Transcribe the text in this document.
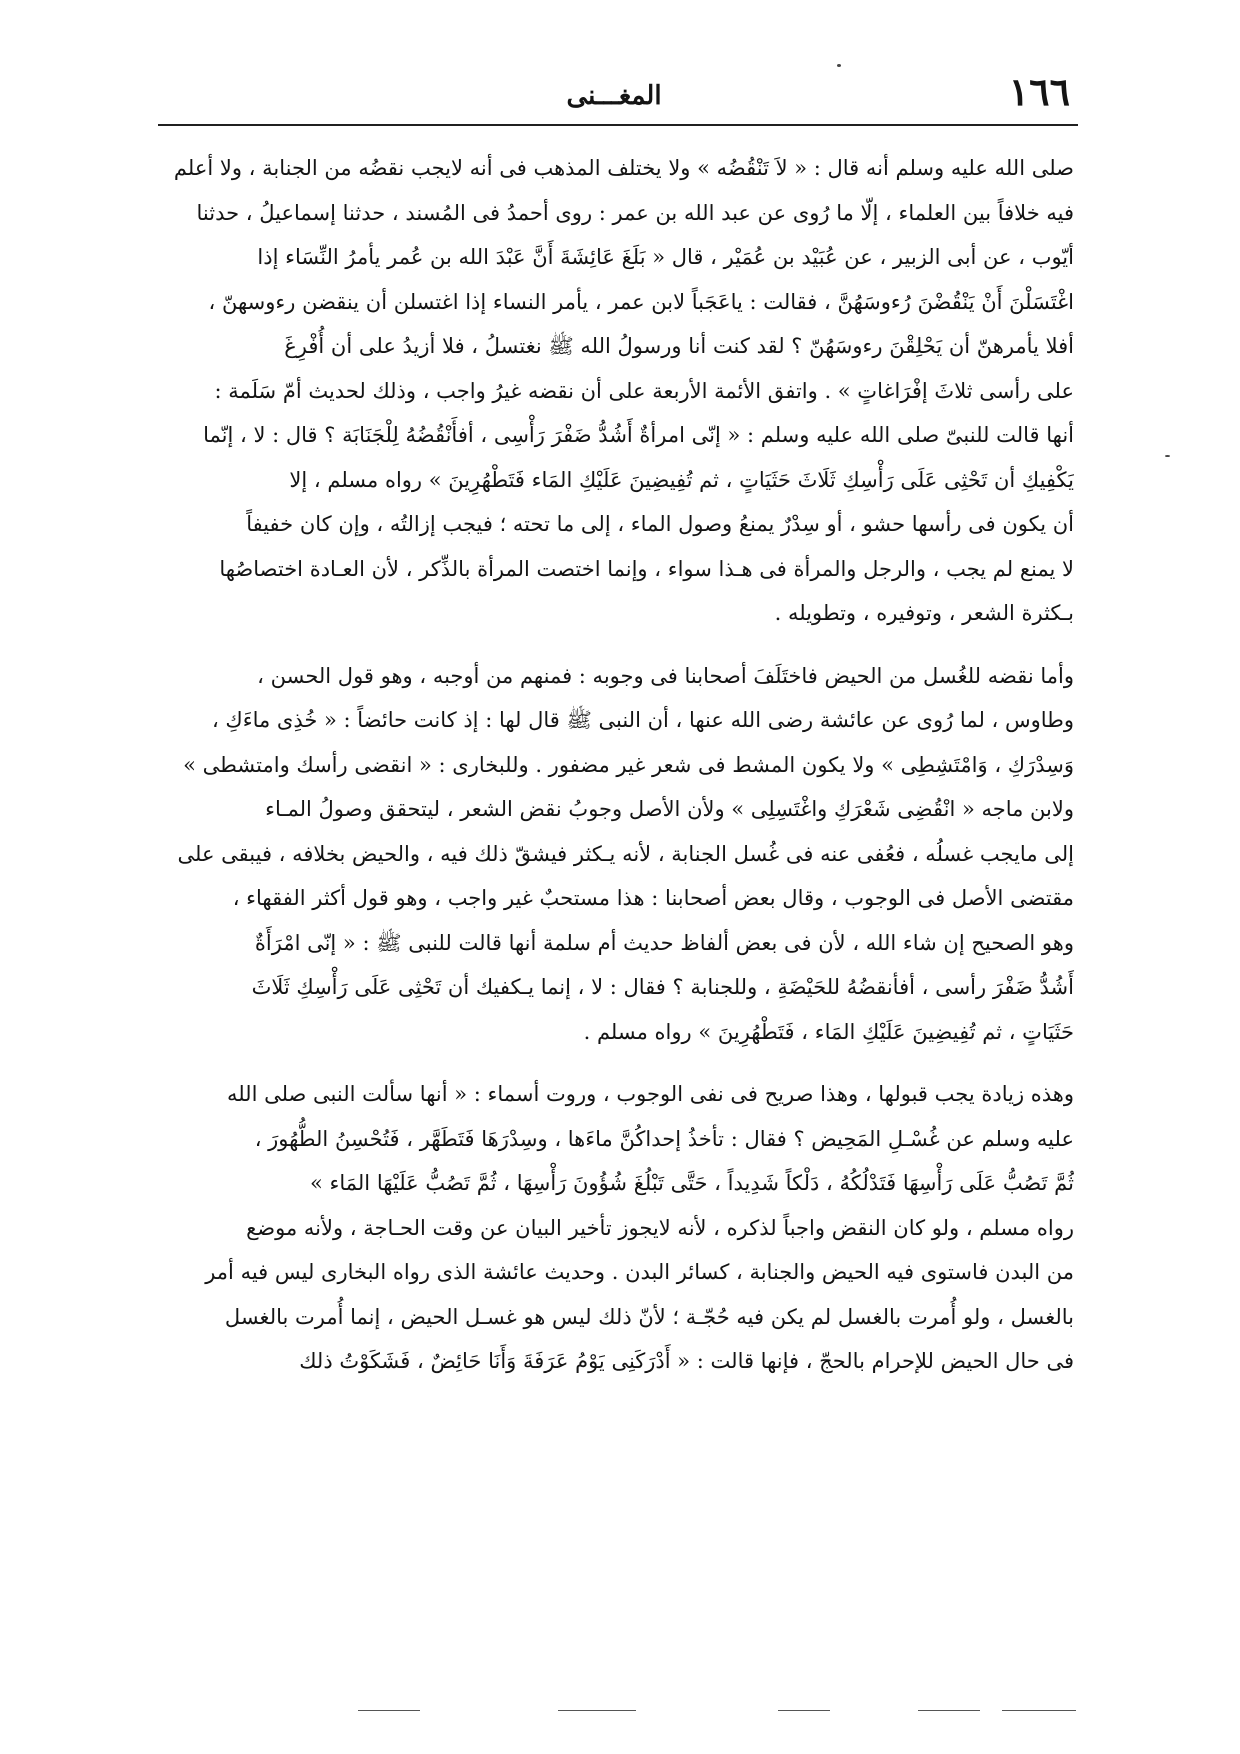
١٦٦
المغـــنى
صلى الله عليه وسلم أنه قال : « لاَ تَنْقُضُه » ولا يختلف المذهب فى أنه لايجب نقضُه من الجنابة ، ولا أعلم
فيه خلافاً بين العلماء ، إلّا ما رُوى عن عبد الله بن عمر : روى أحمدُ فى المُسند ، حدثنا إسماعيلُ ، حدثنا
أيّوب ، عن أبى الزبير ، عن عُبَيْد بن عُمَيْر ، قال « بَلَغَ عَائِشَةَ أَنَّ عَبْدَ الله بن عُمر يأمرُ النِّسَاء إذا
اغْتَسَلْنَ أَنْ يَنْقُضْنَ رُءوسَهُنَّ ، فقالت : ياعَجَباً لابن عمر ، يأمر النساء إذا اغتسلن أن ينقضن رءوسهنّ ،
أفلا يأمرهنّ أن يَحْلِقْنَ رءوسَهُنّ ؟ لقد كنت أنا ورسولُ الله ﷺ نغتسلُ ، فلا أزيدُ على أن أُفْرِغَ
على رأسى ثلاثَ إفْرَاغاتٍ » . واتفق الأئمة الأربعة على أن نقضه غيرُ واجب ، وذلك لحديث أمّ سَلَمة :
أنها قالت للنبىّ صلى الله عليه وسلم : « إنّى امرأةٌ أَشُدُّ ضَفْرَ رَأْسِى ، أفأَنْقُضُهُ لِلْجَنَابَة ؟ قال : لا ، إنّما
يَكْفِيكِ أن تَحْثِى عَلَى رَأْسِكِ ثَلَاثَ حَثَيَاتٍ ، ثم تُفِيضِينَ عَلَيْكِ المَاء فَتَطْهُرِينَ » رواه مسلم ، إلا
أن يكون فى رأسها حشو ، أو سِدْرٌ يمنعُ وصول الماء ، إلى ما تحته ؛ فيجب إزالتُه ، وإن كان خفيفاً
لا يمنع لم يجب ، والرجل والمرأة فى هـذا سواء ، وإنما اختصت المرأة بالذِّكر ، لأن العـادة اختصاصُها
بـكثرة الشعر ، وتوفيره ، وتطويله .
وأما نقضه للغُسل من الحيض فاختَلَفَ أصحابنا فى وجوبه : فمنهم من أوجبه ، وهو قول الحسن ،
وطاوس ، لما رُوى عن عائشة رضى الله عنها ، أن النبى ﷺ قال لها : إذ كانت حائضاً : « خُذِى ماءَكِ ،
وَسِدْرَكِ ، وَامْتَشِطِى » ولا يكون المشط فى شعر غير مضفور . وللبخارى : « انقضى رأسك وامتشطى »
ولابن ماجه « انْقُضِى شَعْرَكِ واغْتَسِلِى » ولأن الأصل وجوبُ نقض الشعر ، ليتحقق وصولُ المـاء
إلى مايجب غسلُه ، فعُفى عنه فى غُسل الجنابة ، لأنه يـكثر فيشقّ ذلك فيه ، والحيض بخلافه ، فيبقى على
مقتضى الأصل فى الوجوب ، وقال بعض أصحابنا : هذا مستحبٌ غير واجب ، وهو قول أكثر الفقهاء ،
وهو الصحيح إن شاء الله ، لأن فى بعض ألفاظ حديث أم سلمة أنها قالت للنبى ﷺ : « إنّى امْرَأَةٌ
أَشُدُّ ضَفْرَ رأسى ، أفأنقضُهُ للحَيْضَةِ ، وللجنابة ؟ فقال : لا ، إنما يـكفيك أن تَحْثِى عَلَى رَأْسِكِ ثَلَاثَ
حَثَيَاتٍ ، ثم تُفِيضِينَ عَلَيْكِ المَاء ، فَتَطْهُرِينَ » رواه مسلم .
وهذه زيادة يجب قبولها ، وهذا صريح فى نفى الوجوب ، وروت أسماء : « أنها سألت النبى صلى الله
عليه وسلم عن غُسْـلِ المَحِيض ؟ فقال : تأخذُ إحداكُنَّ ماءَها ، وسِدْرَهَا فَتَطَهَّر ، فَتُحْسِنُ الطُّهُورَ ،
ثُمَّ تَصُبُّ عَلَى رَأْسِهَا فَتَدْلُكُهُ ، دَلْكاً شَدِيداً ، حَتَّى تَبْلُغَ شُؤُونَ رَأْسِهَا ، ثُمَّ تَصُبُّ عَلَيْهَا المَاء »
رواه مسلم ، ولو كان النقض واجباً لذكره ، لأنه لايجوز تأخير البيان عن وقت الحـاجة ، ولأنه موضع
من البدن فاستوى فيه الحيض والجنابة ، كسائر البدن . وحديث عائشة الذى رواه البخارى ليس فيه أمر
بالغسل ، ولو أُمرت بالغسل لم يكن فيه حُجّـة ؛ لأنّ ذلك ليس هو غسـل الحيض ، إنما أُمرت بالغسل
فى حال الحيض للإحرام بالحجّ ، فإنها قالت : « أَدْرَكَنِى يَوْمُ عَرَفَةَ وَأَنَا حَائِضٌ ، فَشَكَوْتُ ذلك
